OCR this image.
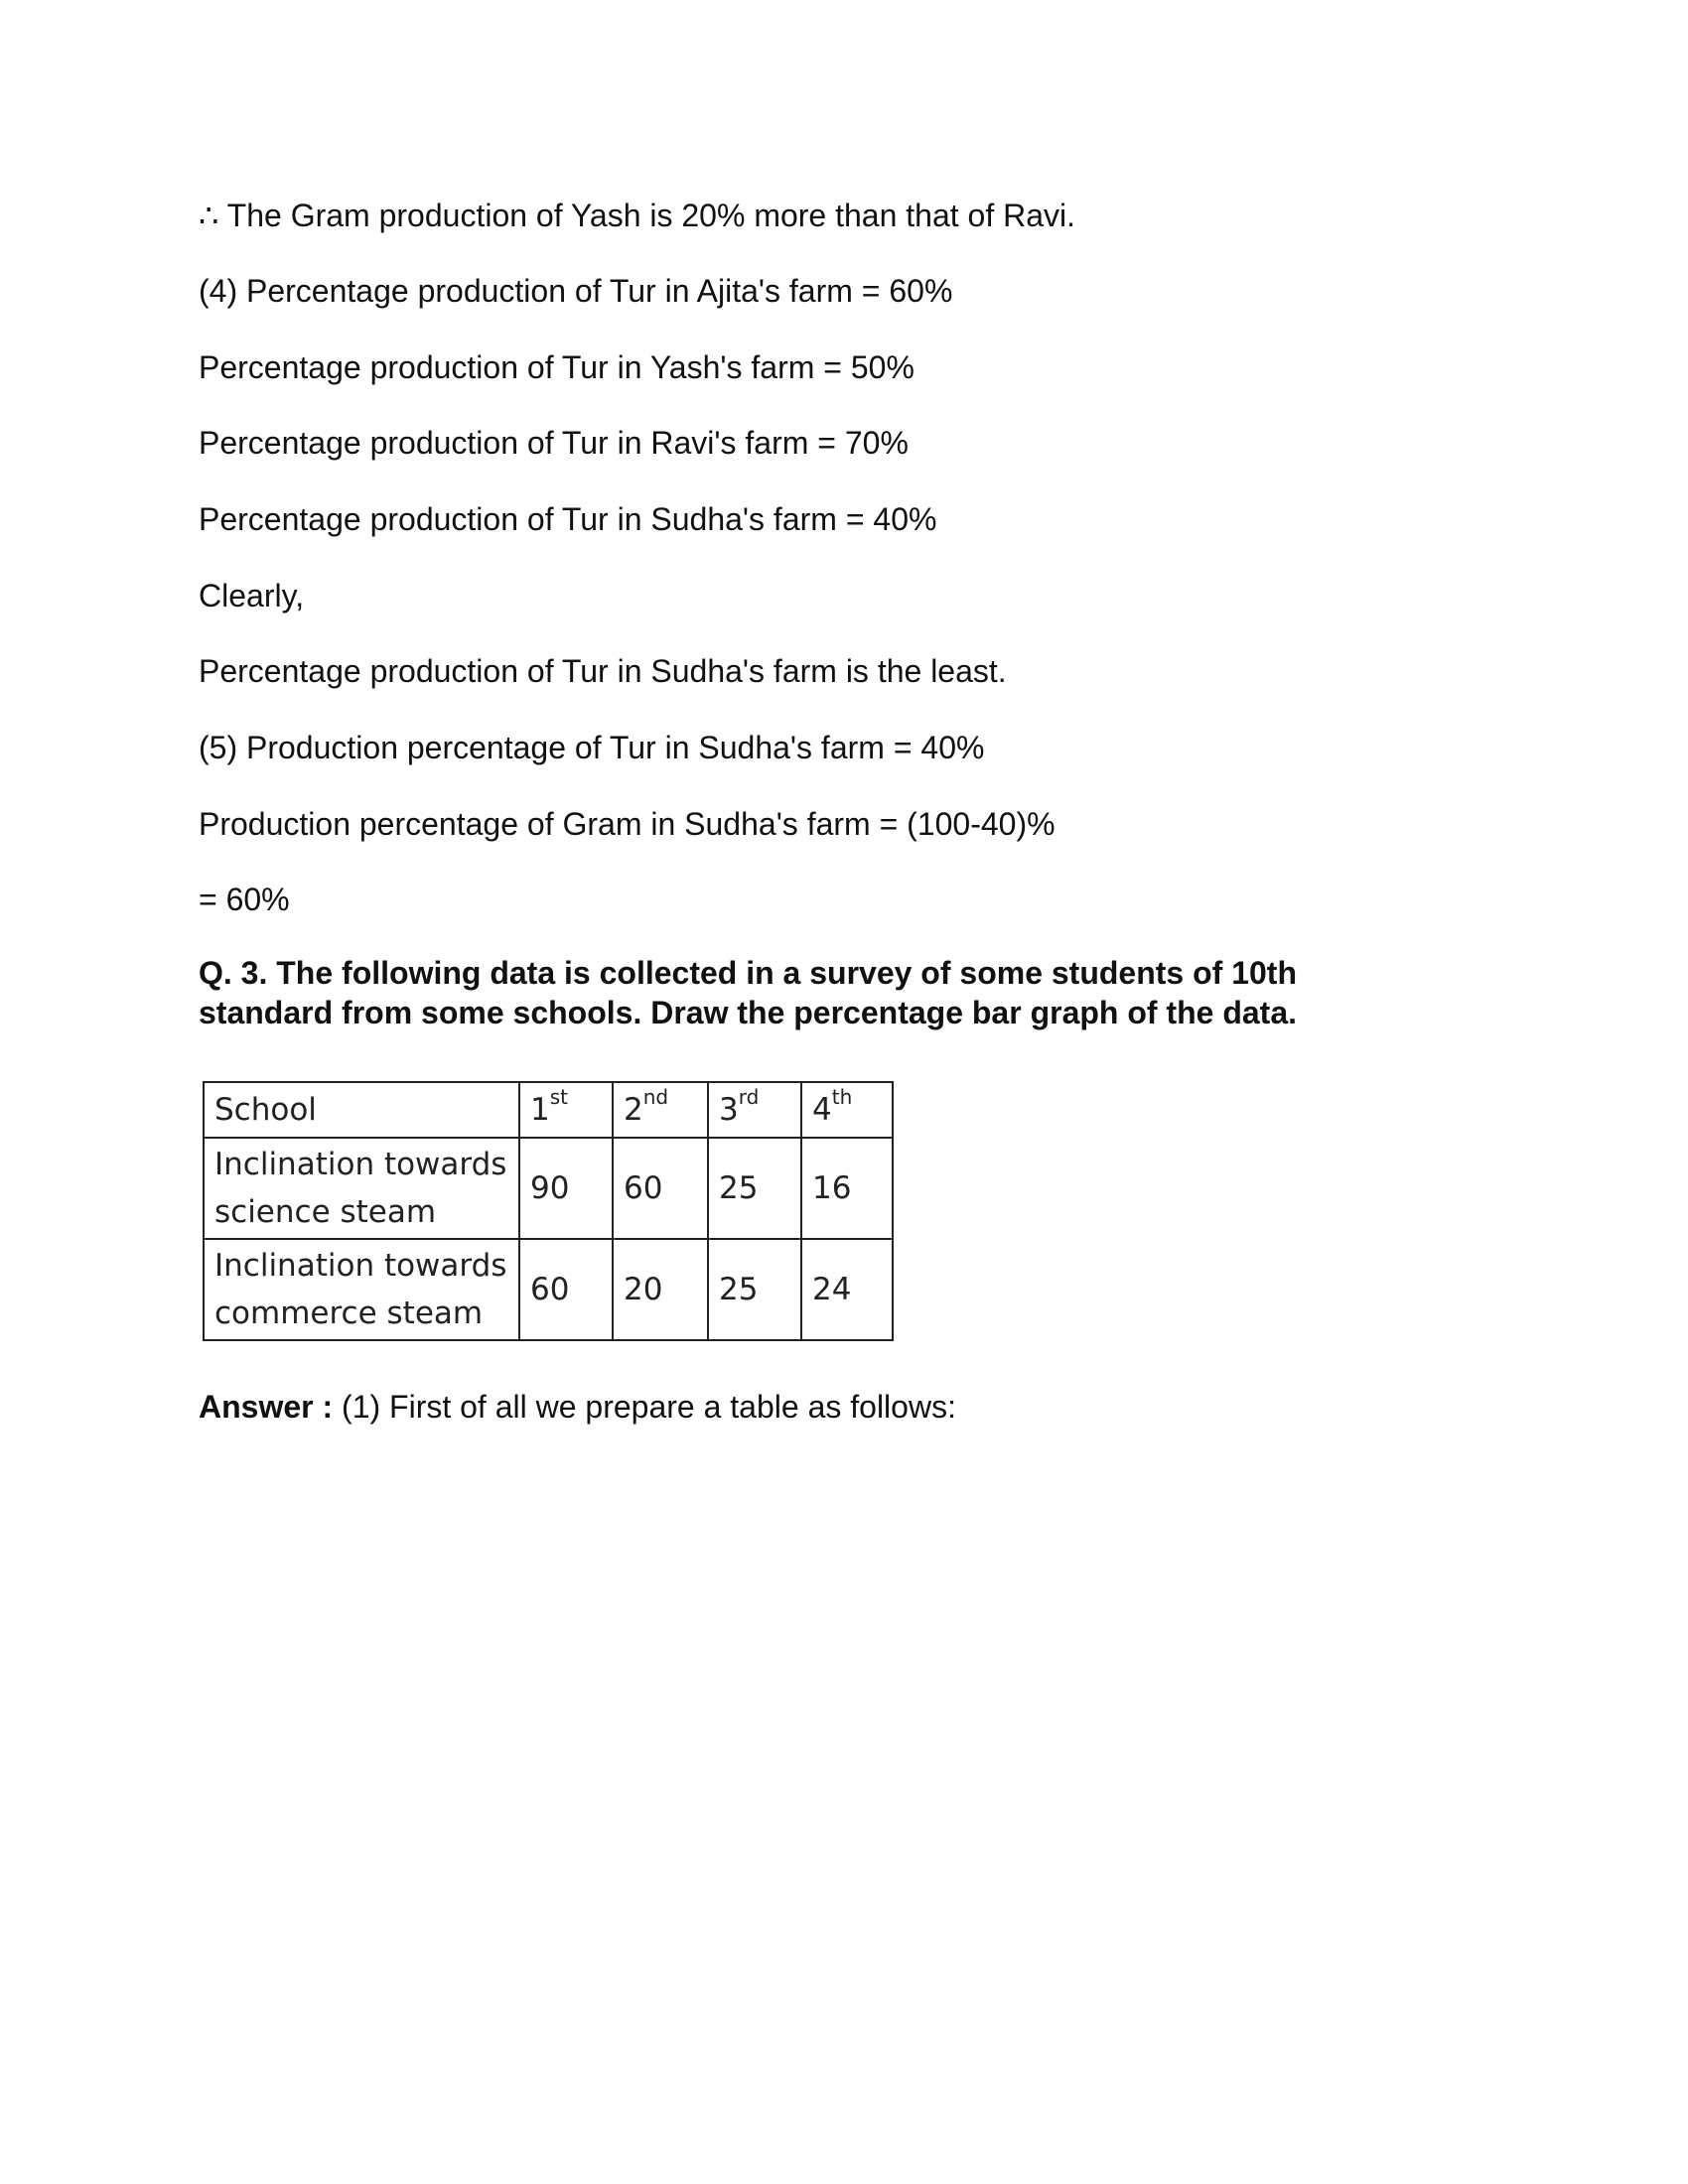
∴ The Gram production of Yash is 20% more than that of Ravi.
(4) Percentage production of Tur in Ajita's farm = 60%
Percentage production of Tur in Yash's farm = 50%
Percentage production of Tur in Ravi's farm = 70%
Percentage production of Tur in Sudha's farm = 40%
Clearly,
Percentage production of Tur in Sudha's farm is the least.
(5) Production percentage of Tur in Sudha's farm = 40%
Production percentage of Gram in Sudha's farm = (100-40)%
= 60%
Q. 3. The following data is collected in a survey of some students of 10th
standard from some schools. Draw the percentage bar graph of the data.
School	1st	2nd	3rd	4th

Inclination towards
science steam	90	60	25	16

Inclination towards
commerce steam	60	20	25	24
Answer : (1) First of all we prepare a table as follows:
